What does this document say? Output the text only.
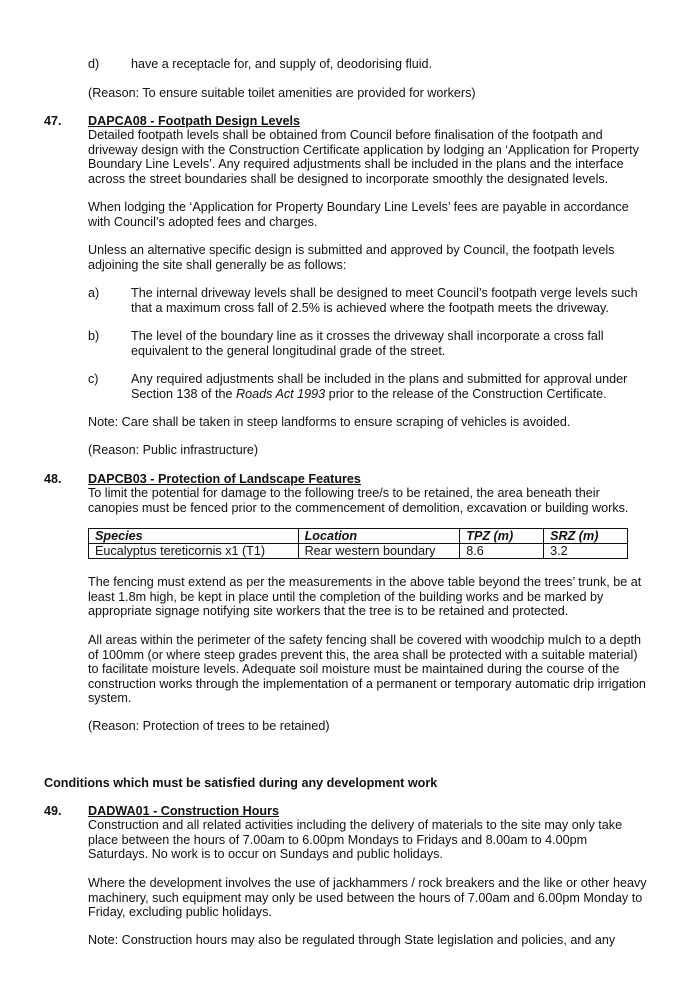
d)	have a receptacle for, and supply of, deodorising fluid.
(Reason: To ensure suitable toilet amenities are provided for workers)
47. DAPCA08 - Footpath Design Levels
Detailed footpath levels shall be obtained from Council before finalisation of the footpath and
driveway design with the Construction Certificate application by lodging an ‘Application for Property
Boundary Line Levels’. Any required adjustments shall be included in the plans and the interface
across the street boundaries shall be designed to incorporate smoothly the designated levels.
When lodging the ‘Application for Property Boundary Line Levels’ fees are payable in accordance
with Council’s adopted fees and charges.
Unless an alternative specific design is submitted and approved by Council, the footpath levels
adjoining the site shall generally be as follows:
a)	The internal driveway levels shall be designed to meet Council’s footpath verge levels such
that a maximum cross fall of 2.5% is achieved where the footpath meets the driveway.
b)	The level of the boundary line as it crosses the driveway shall incorporate a cross fall
equivalent to the general longitudinal grade of the street.
c)	Any required adjustments shall be included in the plans and submitted for approval under
Section 138 of the Roads Act 1993 prior to the release of the Construction Certificate.
Note: Care shall be taken in steep landforms to ensure scraping of vehicles is avoided.
(Reason: Public infrastructure)
48. DAPCB03 - Protection of Landscape Features
To limit the potential for damage to the following tree/s to be retained, the area beneath their
canopies must be fenced prior to the commencement of demolition, excavation or building works.
Species	Location	TPZ (m)	SRZ (m)
Eucalyptus tereticornis x1 (T1)	Rear western boundary	8.6	3.2
The fencing must extend as per the measurements in the above table beyond the trees’ trunk, be at
least 1.8m high, be kept in place until the completion of the building works and be marked by
appropriate signage notifying site workers that the tree is to be retained and protected.
All areas within the perimeter of the safety fencing shall be covered with woodchip mulch to a depth
of 100mm (or where steep grades prevent this, the area shall be protected with a suitable material)
to facilitate moisture levels. Adequate soil moisture must be maintained during the course of the
construction works through the implementation of a permanent or temporary automatic drip irrigation
system.
(Reason: Protection of trees to be retained)
Conditions which must be satisfied during any development work
49. DADWA01 - Construction Hours
Construction and all related activities including the delivery of materials to the site may only take
place between the hours of 7.00am to 6.00pm Mondays to Fridays and 8.00am to 4.00pm
Saturdays. No work is to occur on Sundays and public holidays.
Where the development involves the use of jackhammers / rock breakers and the like or other heavy
machinery, such equipment may only be used between the hours of 7.00am and 6.00pm Monday to
Friday, excluding public holidays.
Note: Construction hours may also be regulated through State legislation and policies, and any
